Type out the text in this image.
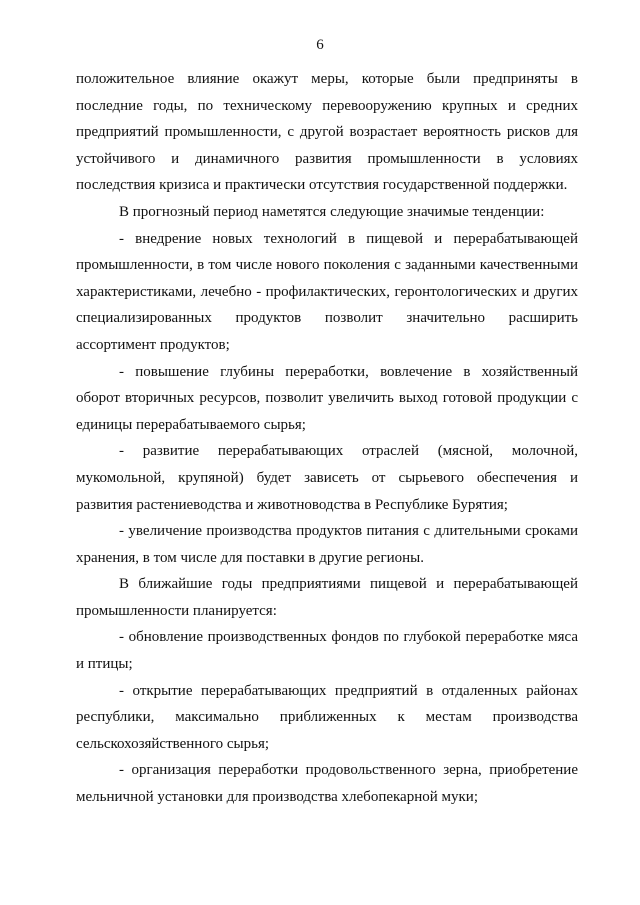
6
положительное влияние окажут меры, которые были предприняты в
последние годы, по техническому перевооружению крупных и средних
предприятий промышленности, с другой возрастает вероятность рисков для
устойчивого и динамичного развития промышленности в условиях
последствия кризиса и практически отсутствия государственной поддержки.
В прогнозный период наметятся следующие значимые тенденции:
- внедрение новых технологий в пищевой и перерабатывающей
промышленности, в том числе нового поколения с заданными качественными
характеристиками, лечебно - профилактических, геронтологических и других
специализированных продуктов позволит значительно расширить
ассортимент продуктов;
- повышение глубины переработки, вовлечение в хозяйственный
оборот вторичных ресурсов, позволит увеличить выход готовой продукции с
единицы перерабатываемого сырья;
- развитие перерабатывающих отраслей (мясной, молочной,
мукомольной, крупяной) будет зависеть от сырьевого обеспечения и
развития растениеводства и животноводства в Республике Бурятия;
- увеличение производства продуктов питания с длительными сроками
хранения, в том числе для поставки в другие регионы.
В ближайшие годы предприятиями пищевой и перерабатывающей
промышленности планируется:
- обновление производственных фондов по глубокой переработке мяса
и птицы;
- открытие перерабатывающих предприятий в отдаленных районах
республики, максимально приближенных к местам производства
сельскохозяйственного сырья;
- организация переработки продовольственного зерна, приобретение
мельничной установки для производства хлебопекарной муки;
